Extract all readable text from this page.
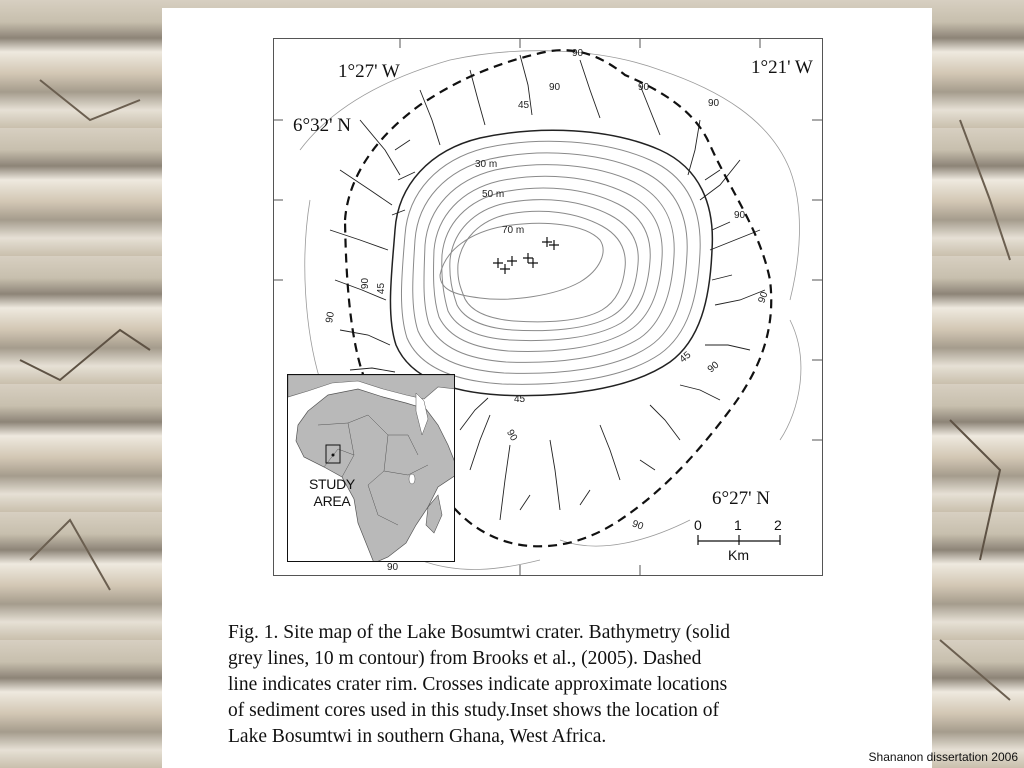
1°27' W	1°21' W
6°32' N
6°27' N
30 m
50 m
70 m
90
90	90
90
45
90
90
45
90
90 45
90
45
90
90
90
STUDY
AREA
0 1 2
Km

Fig. 1. Site map of the Lake Bosumtwi crater. Bathymetry (solid

grey lines, 10 m contour) from Brooks et al., (2005). Dashed

line indicates crater rim. Crosses indicate approximate locations

of sediment cores used in this study.Inset shows the location of

Lake Bosumtwi in southern Ghana, West Africa.

Shananon dissertation 2006
